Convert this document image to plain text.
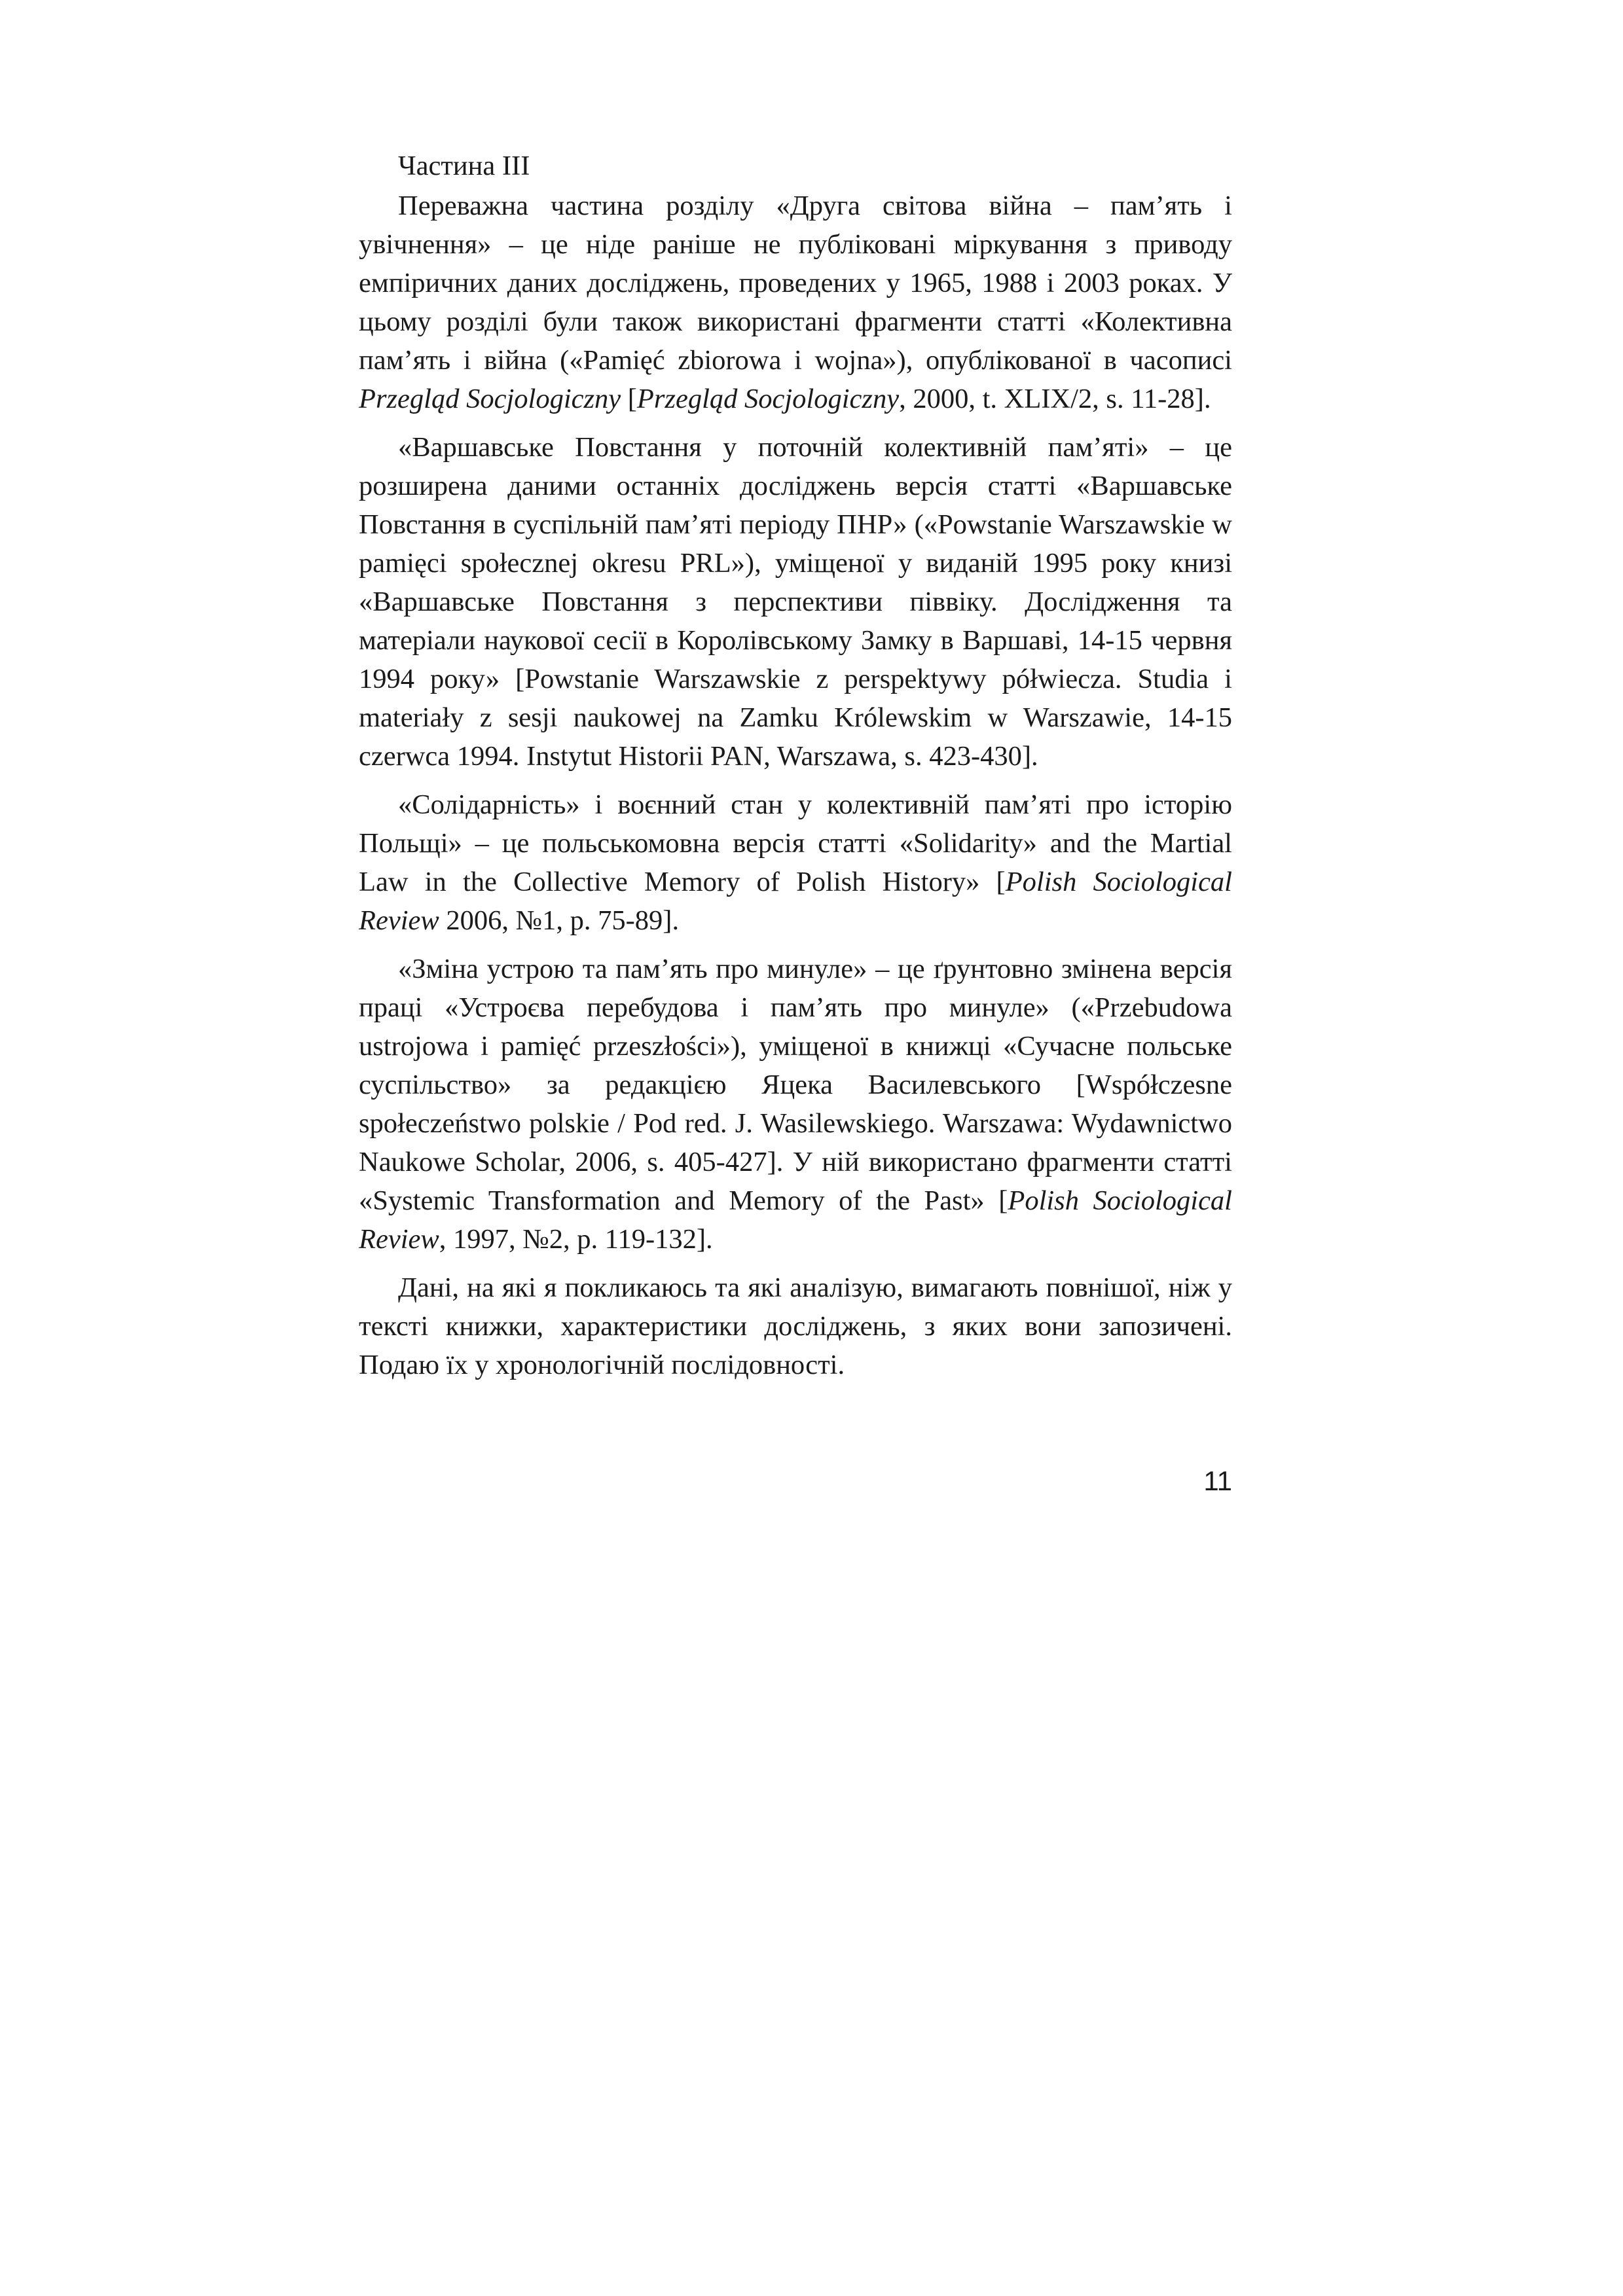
Частина ІІІ

Переважна частина розділу «Друга світова війна – пам’ять і увічнення» – це ніде раніше не публіковані міркування з приводу емпіричних даних досліджень, проведених у 1965, 1988 і 2003 роках. У цьому розділі були також використані фрагменти статті «Колективна пам’ять і війна («Pamięć zbiorowa i wojna»), опублікованої в часописі Przegląd Socjologiczny [Przegląd Socjologiczny, 2000, t. XLIX/2, s. 11-28].

«Варшавське Повстання у поточній колективній пам’яті» – це розширена даними останніх досліджень версія статті «Варшавське Повстання в суспільній пам’яті періоду ПНР» («Powstanie Warszawskie w pamięci społecznej okresu PRL»), уміщеної у виданій 1995 року книзі «Варшавське Повстання з перспективи піввіку. Дослідження та матеріали наукової сесії в Королівському Замку в Варшаві, 14-15 червня 1994 року» [Powstanie Warszawskie z perspektywy półwiecza. Studia i materiały z sesji naukowej na Zamku Królewskim w Warszawie, 14-15 czerwca 1994. Instytut Historii PAN, Warszawa, s. 423-430].

«Солідарність» і воєнний стан у колективній пам’яті про історію Польщі» – це польськомовна версія статті «Solidarity» and the Martial Law in the Collective Memory of Polish History» [Polish Sociological Review 2006, №1, p. 75-89].

«Зміна устрою та пам’ять про минуле» – це ґрунтовно змінена версія праці «Устроєва перебудова і пам’ять про минуле» («Przebudowa ustrojowa i pamięć przeszłości»), уміщеної в книжці «Сучасне польське суспільство» за редакцією Яцека Василевського [Współczesne społeczeństwo polskie / Pod red. J. Wasilewskiego. Warszawa: Wydawnictwo Naukowe Scholar, 2006, s. 405-427]. У ній використано фрагменти статті «Systemic Transformation and Memory of the Past» [Polish Sociological Review, 1997, №2, p. 119-132].

Дані, на які я покликаюсь та які аналізую, вимагають повнішої, ніж у тексті книжки, характеристики досліджень, з яких вони запозичені. Подаю їх у хронологічній послідовності.

11
